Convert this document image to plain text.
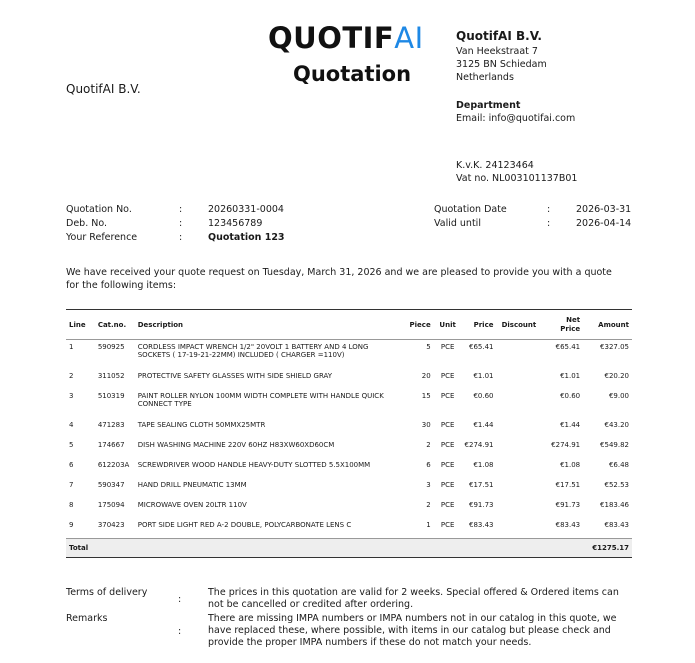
QUOTIFAI
Quotation
QuotifAI B.V.
QuotifAI B.V.
Van Heekstraat 7
3125 BN Schiedam
Netherlands
Department
Email: info@quotifai.com
K.v.K. 24123464
Vat no. NL003101137B01
Quotation No.	:	20260331-0004
Deb. No.	:	123456789
Your Reference	:	Quotation 123
Quotation Date	:	2026-03-31
Valid until	:	2026-04-14
We have received your quote request on Tuesday, March 31, 2026 and we are pleased to provide you with a quote for the following items:
Line	Cat.no.	Description	Piece	Unit	Price	Discount	Net Price	Amount
1	590925	CORDLESS IMPACT WRENCH 1/2" 20VOLT 1 BATTERY AND 4 LONG SOCKETS ( 17-19-21-22MM) INCLUDED ( CHARGER =110V)	5	PCE	€65.41		€65.41	€327.05
2	311052	PROTECTIVE SAFETY GLASSES WITH SIDE SHIELD GRAY	20	PCE	€1.01		€1.01	€20.20
3	510319	PAINT ROLLER NYLON 100MM WIDTH COMPLETE WITH HANDLE QUICK CONNECT TYPE	15	PCE	€0.60		€0.60	€9.00
4	471283	TAPE SEALING CLOTH 50MMX25MTR	30	PCE	€1.44		€1.44	€43.20
5	174667	DISH WASHING MACHINE 220V 60HZ H83XW60XD60CM	2	PCE	€274.91		€274.91	€549.82
6	612203A	SCREWDRIVER WOOD HANDLE HEAVY-DUTY SLOTTED 5.5X100MM	6	PCE	€1.08		€1.08	€6.48
7	590347	HAND DRILL PNEUMATIC 13MM	3	PCE	€17.51		€17.51	€52.53
8	175094	MICROWAVE OVEN 20LTR 110V	2	PCE	€91.73		€91.73	€183.46
9	370423	PORT SIDE LIGHT RED A-2 DOUBLE, POLYCARBONATE LENS C	1	PCE	€83.43		€83.43	€83.43
Total								€1275.17
Terms of delivery
:
The prices in this quotation are valid for 2 weeks. Special offered & Ordered items can not be cancelled or credited after ordering.
Remarks
:
There are missing IMPA numbers or IMPA numbers not in our catalog in this quote, we have replaced these, where possible, with items in our catalog but please check and provide the proper IMPA numbers if these do not match your needs.
